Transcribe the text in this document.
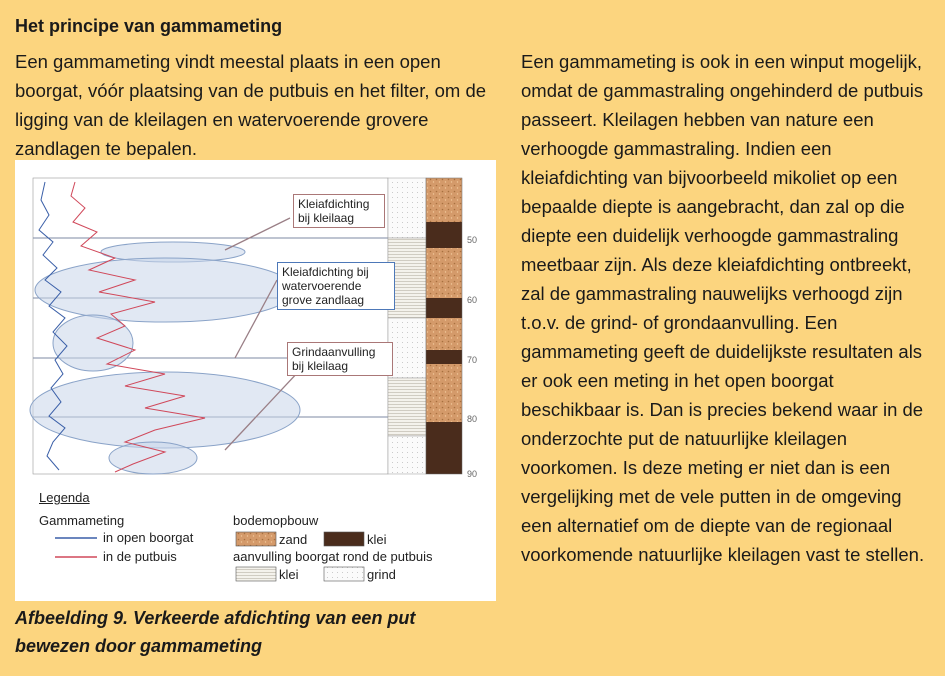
Het principe van gammameting
Een gammameting vindt meestal plaats in een open boorgat, vóór plaatsing van de putbuis en het filter, om de ligging van de kleilagen en watervoerende grovere zandlagen te bepalen.
Een gammameting is ook in een winput mogelijk, omdat de gammastraling ongehinderd de putbuis passeert. Kleilagen hebben van nature een verhoogde gammastraling. Indien een kleiafdichting van bijvoorbeeld mikoliet op een bepaalde diepte is aangebracht, dan zal op die diepte een duidelijk verhoogde gammastraling meetbaar zijn. Als deze kleiafdichting ontbreekt, zal de gammastraling nauwelijks verhoogd zijn t.o.v. de grind- of grondaanvulling. Een gammameting geeft de duidelijkste resultaten als er ook een meting in het open boorgat beschikbaar is. Dan is precies bekend waar in de onderzochte put de natuurlijke kleilagen voorkomen. Is deze meting er niet dan is een vergelijking met de vele putten in de omgeving een alternatief om de diepte van de regionaal voorkomende natuurlijke kleilagen vast te stellen.
50
60
70
80
90
Kleiafdichting
bij kleilaag
Kleiafdichting bij
watervoerende
grove zandlaag
Grindaanvulling
bij kleilaag
Legenda
Gammameting
in open boorgat
in de putbuis
bodemopbouw
zand	klei
aanvulling boorgat rond de putbuis
klei	grind
Afbeelding 9. Verkeerde afdichting van een put bewezen door gammameting
